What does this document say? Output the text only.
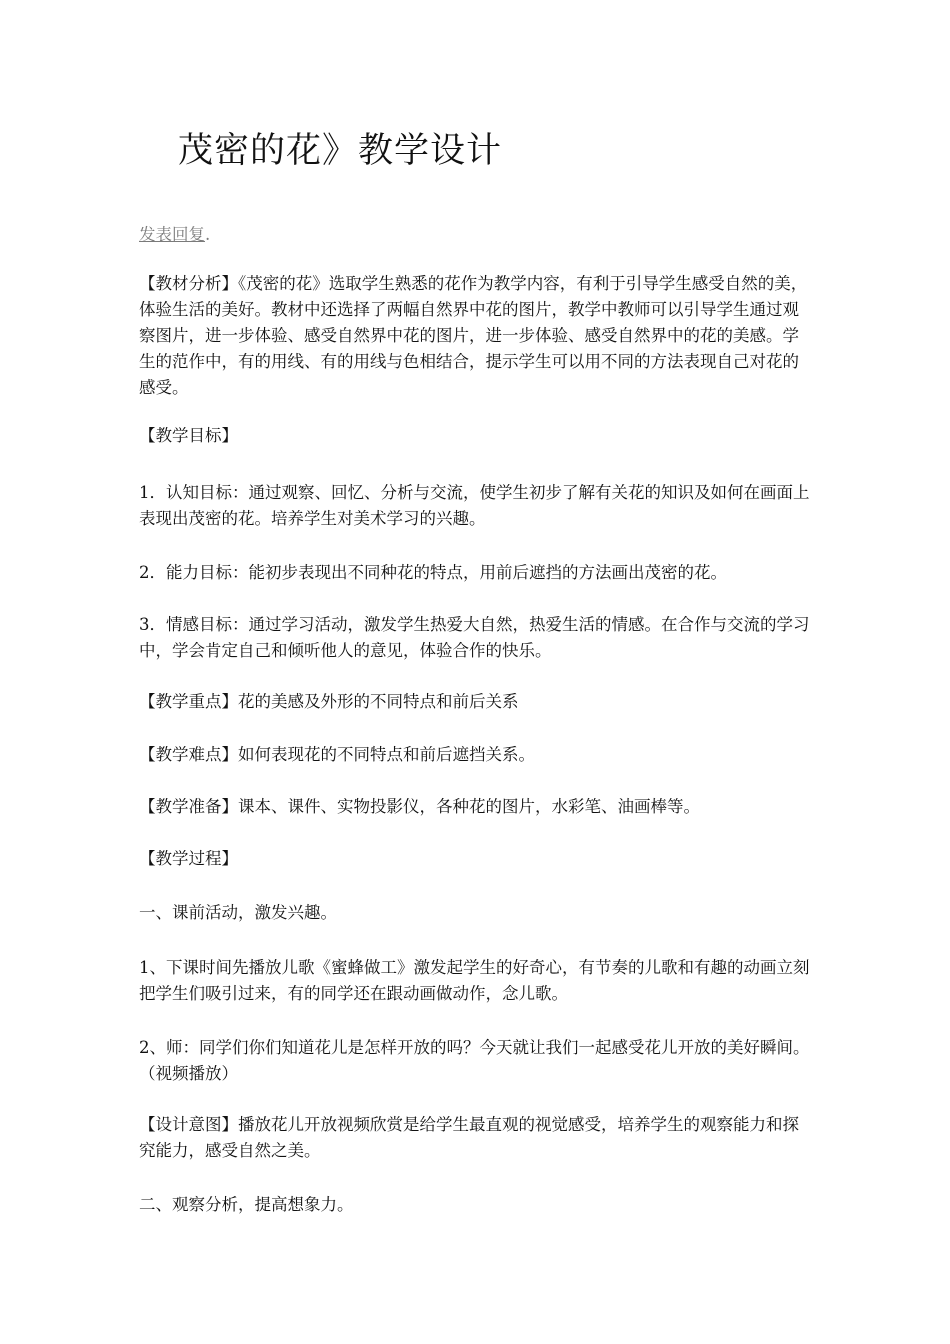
茂密的花》教学设计
发表回复.

【教材分析】《茂密的花》选取学生熟悉的花作为教学内容，有利于引导学生感受自然的美，体验生活的美好。教材中还选择了两幅自然界中花的图片，教学中教师可以引导学生通过观察图片，进一步体验、感受自然界中花的图片，进一步体验、感受自然界中的花的美感。学生的范作中，有的用线、有的用线与色相结合，提示学生可以用不同的方法表现自己对花的感受。

【教学目标】

1．认知目标：通过观察、回忆、分析与交流，使学生初步了解有关花的知识及如何在画面上表现出茂密的花。培养学生对美术学习的兴趣。

2．能力目标：能初步表现出不同种花的特点，用前后遮挡的方法画出茂密的花。

3．情感目标：通过学习活动，激发学生热爱大自然，热爱生活的情感。在合作与交流的学习中，学会肯定自己和倾听他人的意见，体验合作的快乐。

【教学重点】花的美感及外形的不同特点和前后关系

【教学难点】如何表现花的不同特点和前后遮挡关系。

【教学准备】课本、课件、实物投影仪，各种花的图片，水彩笔、油画棒等。

【教学过程】

一、课前活动，激发兴趣。

1、下课时间先播放儿歌《蜜蜂做工》激发起学生的好奇心，有节奏的儿歌和有趣的动画立刻把学生们吸引过来，有的同学还在跟动画做动作，念儿歌。

2、师：同学们你们知道花儿是怎样开放的吗？今天就让我们一起感受花儿开放的美好瞬间。（视频播放）

【设计意图】播放花儿开放视频欣赏是给学生最直观的视觉感受，培养学生的观察能力和探究能力，感受自然之美。

二、观察分析，提高想象力。
